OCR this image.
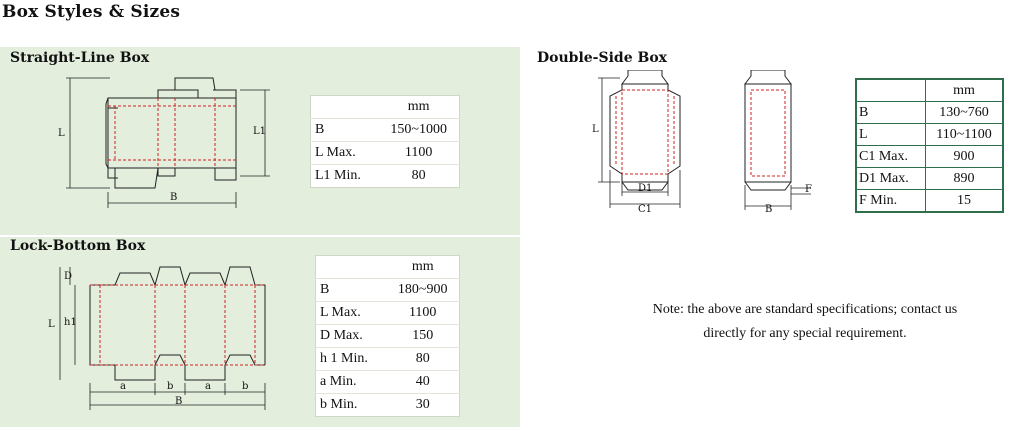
Box Styles & Sizes
Straight-Line Box
L	L1
B
	mm
B	150~1000
L Max.	1100
L1 Min.	80
Lock-Bottom Box
L h1
D
a	b	a	b
B
	mm
B	180~900
L Max.	1100
D Max.	150
h 1 Min.	80
a Min.	40
b Min.	30
Double-Side Box
L
D1
C1	B
F
	mm
B	130~760
L	110~1100
C1 Max.	900
D1 Max.	890
F Min.	15
Note: the above are standard specifications; contact us
directly for any special requirement.
